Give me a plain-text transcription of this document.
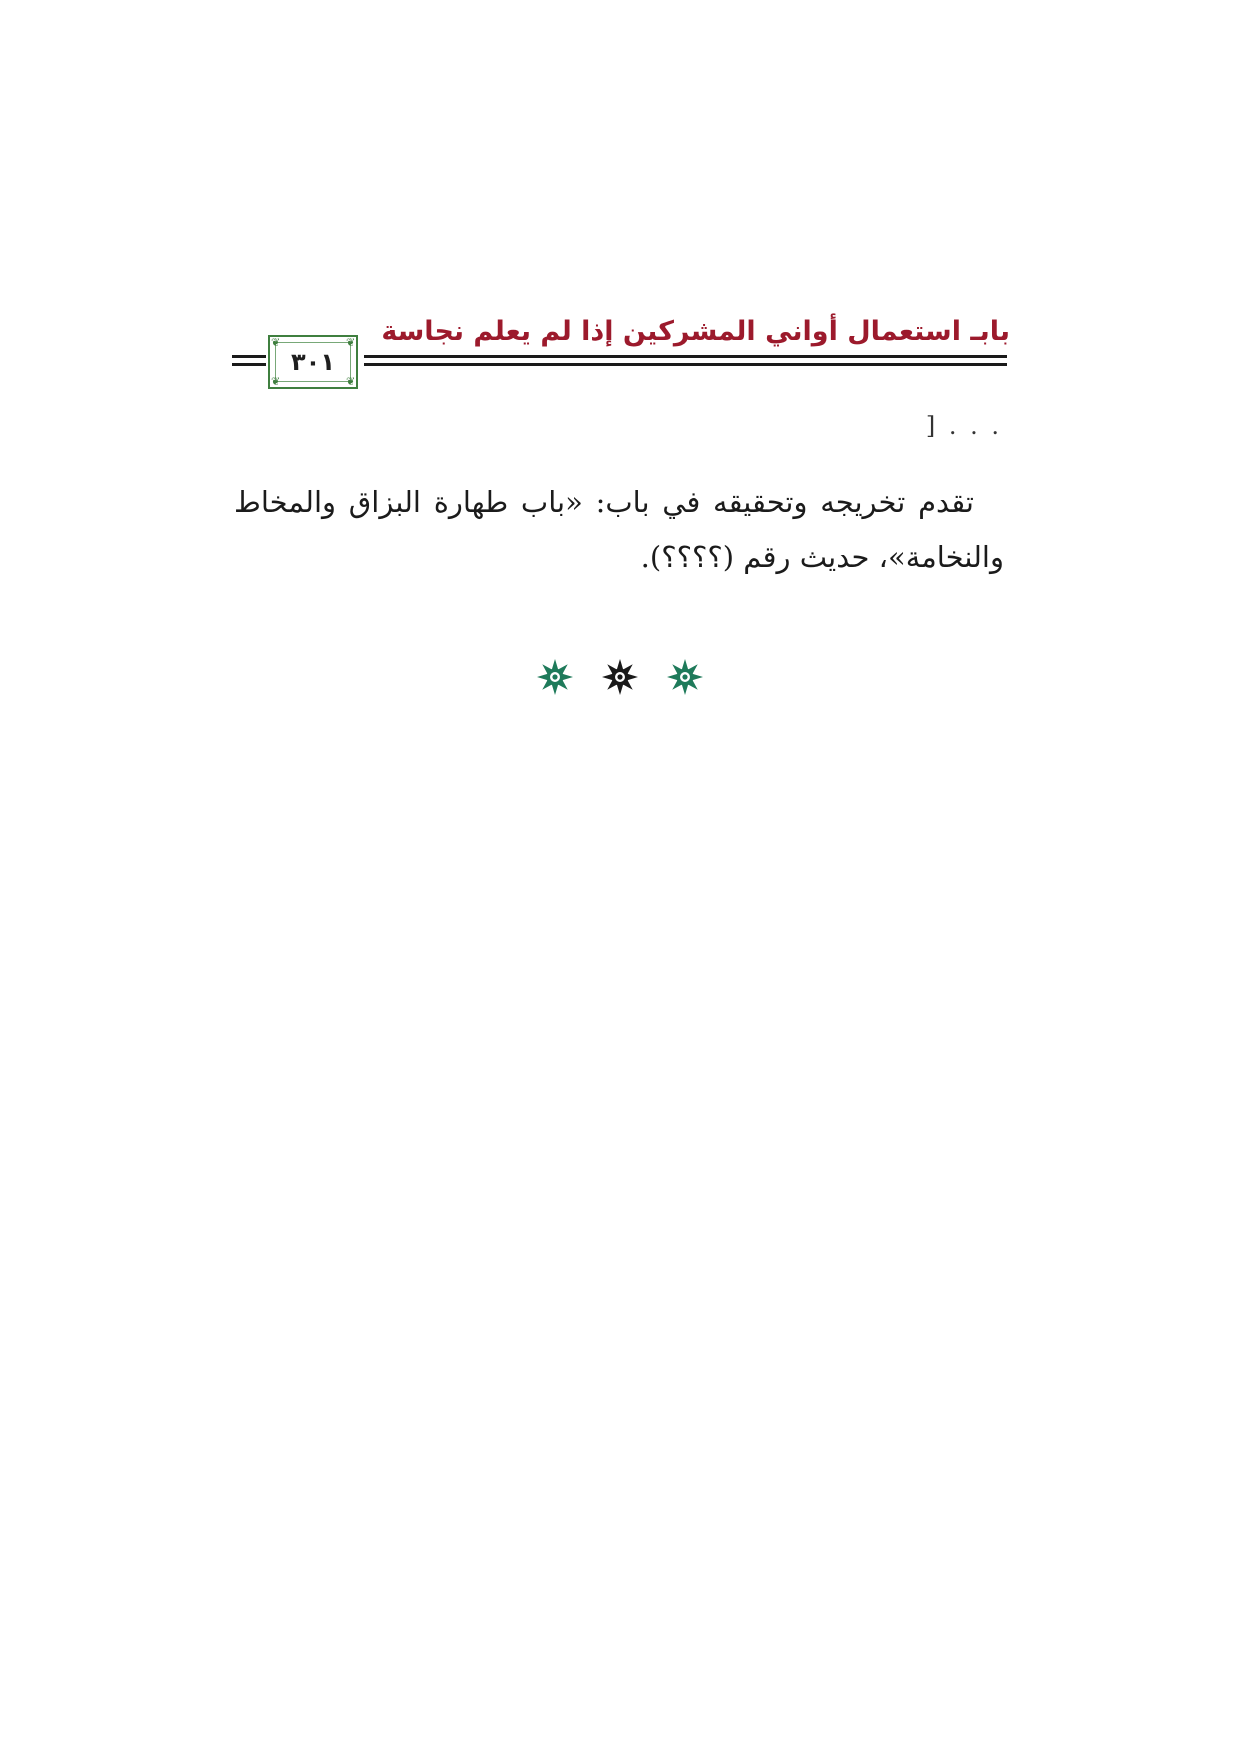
بابـ استعمال أواني المشركين إذا لم يعلم نجاسة
❦	❦
❦	❦
٣٠١
. . . [
تقدم تخريجه وتحقيقه في باب: «باب طهارة البزاق والمخاط والنخامة»، حديث رقم (؟؟؟؟).
